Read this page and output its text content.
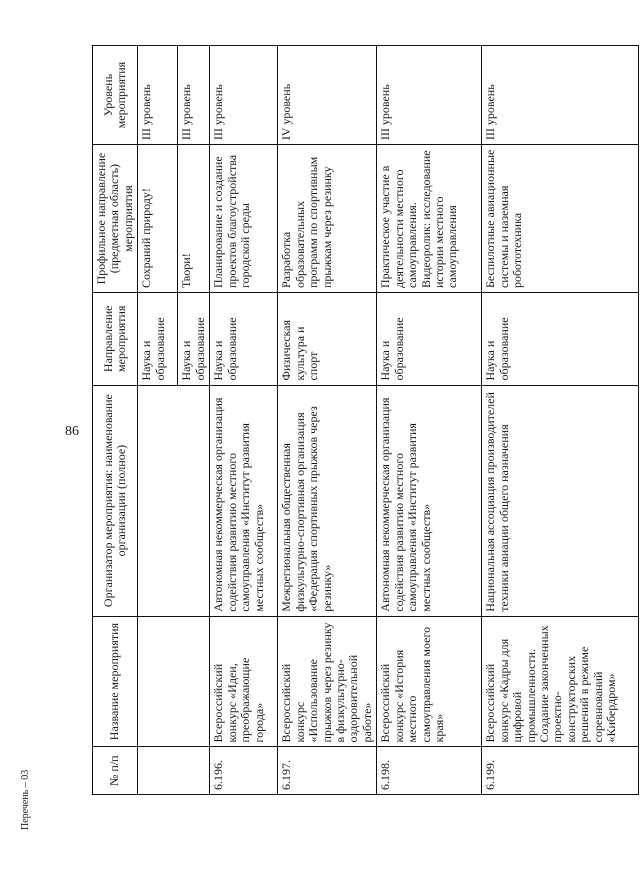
86
Перечень – 03	№ п/п	Название мероприятия	Организатор мероприятия: наименование организации (полное)	Направление мероприятия	Профильное направление (предметная область) мероприятия	Уровень мероприятия
			Наука и образование	Сохраний природу!	III уровень
			Наука и образование	Твори!	III уровень
6.196.	Всероссийский конкурс «Идеи, преображающие города»	Автономная некоммерческая организация содействия развитию местного самоуправления «Институт развития местных сообществ»	Наука и образование	Планирование и создание проектов благоустройства городской среды	III уровень
6.197.	Всероссийский конкурс «Использование прыжков через резинку в физкультурно-оздоровительной работе»	Межрегиональная общественная физкультурно-спортивная организация «Федерация спортивных прыжков через резинку»	Физическая культура и спорт	Разработка образовательных программ по спортивным прыжкам через резинку	IV уровень
6.198.	Всероссийский конкурс «История местного самоуправления моего края»	Автономная некоммерческая организация содействия развитию местного самоуправления «Институт развития местных сообществ»	Наука и образование	Практическое участие в деятельности местного самоуправления. Видеоролик: исследование истории местного самоуправления	III уровень
6.199.	Всероссийский конкурс «Кадры для цифровой промышленности. Создание законченных проектно-конструкторских решений в режиме соревнований «Кибердром»	Национальная ассоциация производителей техники авиации общего назначения	Наука и образование	Беспилотные авиационные системы и наземная робототехника	III уровень
